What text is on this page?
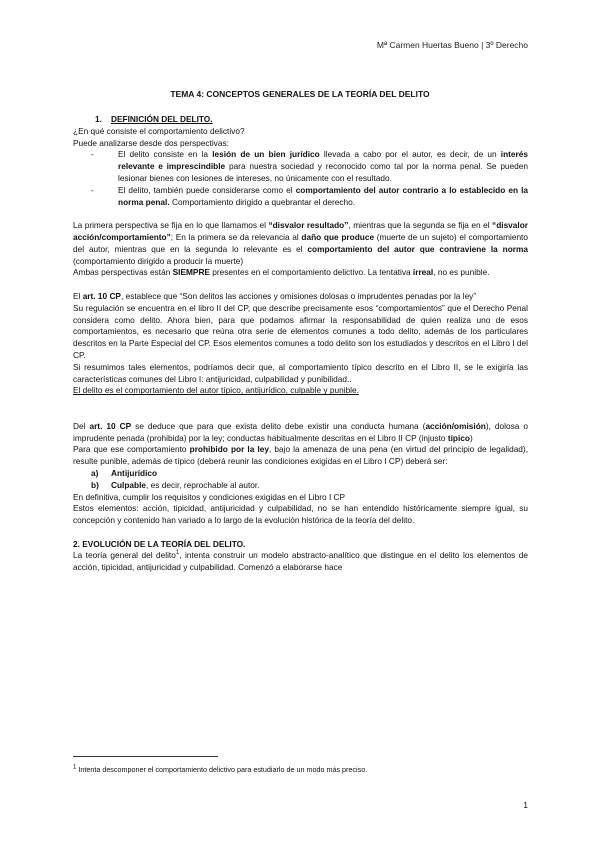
Mª Carmen Huertas Bueno | 3º Derecho
TEMA 4: CONCEPTOS GENERALES DE LA TEORÍA DEL DELITO

1. DEFINICIÓN DEL DELITO.

¿En qué consiste el comportamiento delictivo?

Puede analizarse desde dos perspectivas:

- El delito consiste en la lesión de un bien jurídico llevada a cabo por el autor, es decir, de un interés relevante e imprescindible para nuestra sociedad y reconocido como tal por la norma penal. Se pueden lesionar bienes con lesiones de intereses, no únicamente con el resultado.
- El delito, también puede considerarse como el comportamiento del autor contrario a lo establecido en la norma penal. Comportamiento dirigido a quebrantar el derecho.

La primera perspectiva se fija en lo que llamamos el “disvalor resultado”, mientras que la segunda se fija en el “disvalor acción/comportamiento”; En la primera se da relevancia al daño que produce (muerte de un sujeto) el comportamiento del autor, mientras que en la segunda lo relevante es el comportamiento del autor que contraviene la norma (comportamiento dirigido a producir la muerte)

Ambas perspectivas están SIEMPRE presentes en el comportamiento delictivo. La tentativa irreal, no es punible.

El art. 10 CP, establece que “Son delitos las acciones y omisiones dolosas o imprudentes penadas por la ley”

Su regulación se encuentra en el libro II del CP, que describe precisamente esos “comportamientos” que el Derecho Penal considera como delito. Ahora bien, para que podamos afirmar la responsabilidad de quien realiza uno de esos comportamientos, es necesario que reúna otra serie de elementos comunes a todo delito, además de los particulares descritos en la Parte Especial del CP. Esos elementos comunes a todo delito son los estudiados y descritos en el Libro I del CP.

Si resumimos tales elementos, podríamos decir que, al comportamiento típico descrito en el Libro II, se le exigiría las características comunes del Libro I: antijuricidad, culpabilidad y punibilidad..

El delito es el comportamiento del autor típico, antijurídico, culpable y punible.

Del art. 10 CP se deduce que para que exista delito debe existir una conducta humana (acción/omisión), dolosa o imprudente penada (prohibida) por la ley; conductas habitualmente descritas en el Libro II CP (injusto típico)

Para que ese comportamiento prohibido por la ley, bajo la amenaza de una pena (en virtud del principio de legalidad), resulte punible, además de típico (deberá reunir las condiciones exigidas en el Libro I CP) deberá ser:

a) Antijurídico
b) Culpable, es decir, reprochable al autor.

En definitiva, cumplir los requisitos y condiciones exigidas en el Libro I CP

Estos elementos: acción, tipicidad, antijuricidad y culpabilidad, no se han entendido históricamente siempre igual, su concepción y contenido han variado a lo largo de la evolución histórica de la teoría del delito.

2. EVOLUCIÓN DE LA TEORÍA DEL DELITO.

La teoría general del delito$^1$, intenta construir un modelo abstracto-analítico que distingue en el delito los elementos de acción, tipicidad, antijuricidad y culpabilidad. Comenzó a elaborarse hace

$^1$ Intenta descomponer el comportamiento delictivo para estudiarlo de un modo más preciso.
1
